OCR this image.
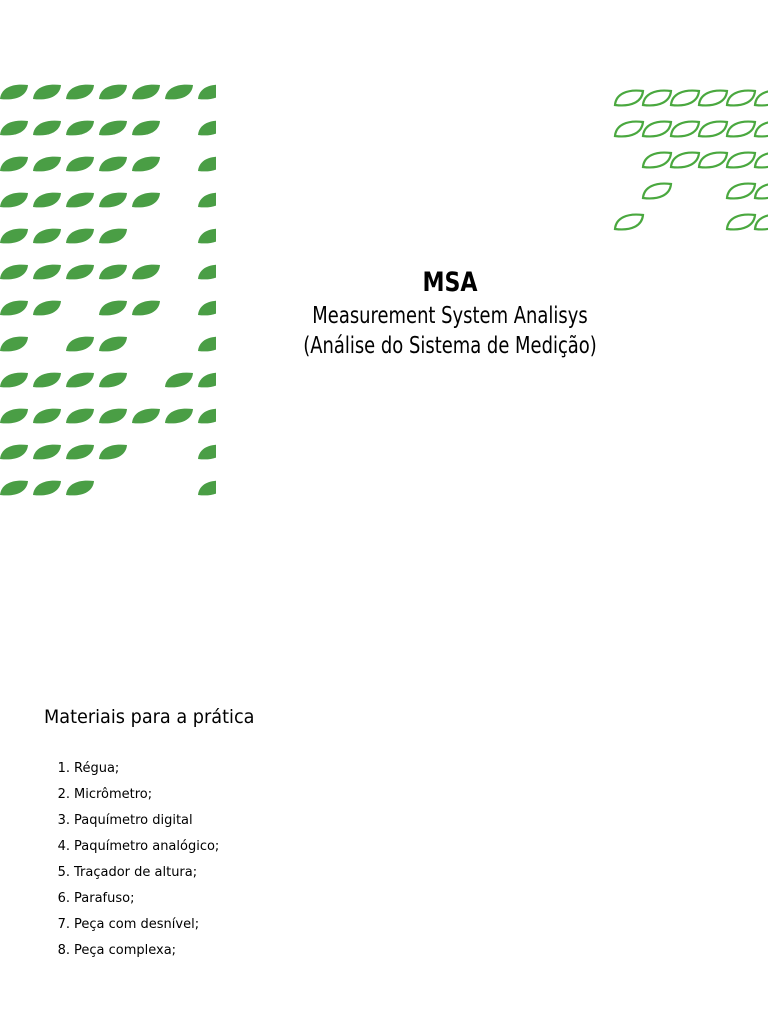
MSA
Measurement System Analisys
(Análise do Sistema de Medição)
Materiais para a prática
1. Régua;
2. Micrômetro;
3. Paquímetro digital
4. Paquímetro analógico;
5. Traçador de altura;
6. Parafuso;
7. Peça com desnível;
8. Peça complexa;
